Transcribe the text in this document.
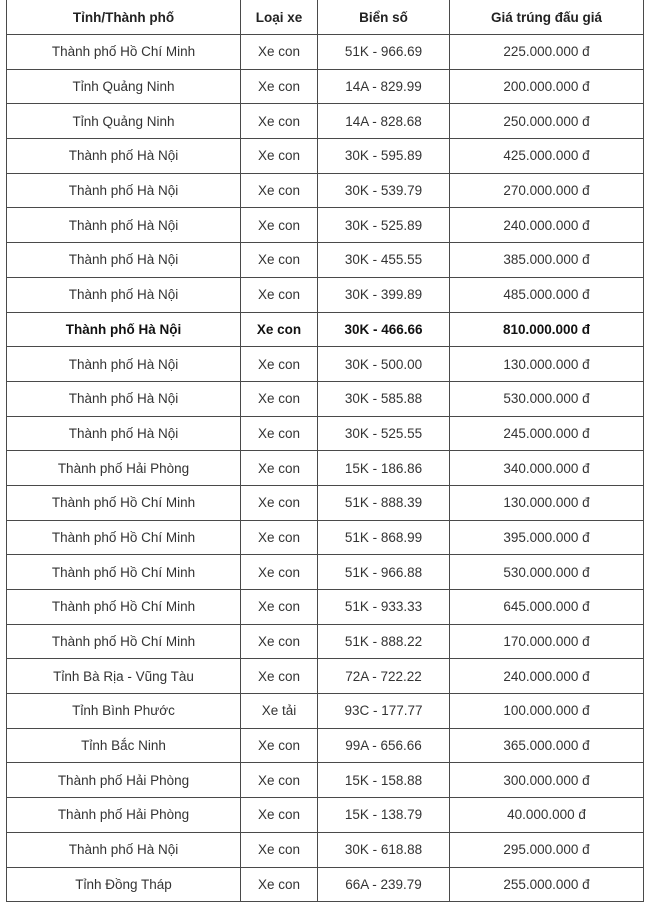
Tỉnh/Thành phố	Loại xe	Biển số	Giá trúng đấu giá
Thành phố Hồ Chí Minh	Xe con	51K - 966.69	225.000.000 đ
Tỉnh Quảng Ninh	Xe con	14A - 829.99	200.000.000 đ
Tỉnh Quảng Ninh	Xe con	14A - 828.68	250.000.000 đ
Thành phố Hà Nội	Xe con	30K - 595.89	425.000.000 đ
Thành phố Hà Nội	Xe con	30K - 539.79	270.000.000 đ
Thành phố Hà Nội	Xe con	30K - 525.89	240.000.000 đ
Thành phố Hà Nội	Xe con	30K - 455.55	385.000.000 đ
Thành phố Hà Nội	Xe con	30K - 399.89	485.000.000 đ
Thành phố Hà Nội	Xe con	30K - 466.66	810.000.000 đ
Thành phố Hà Nội	Xe con	30K - 500.00	130.000.000 đ
Thành phố Hà Nội	Xe con	30K - 585.88	530.000.000 đ
Thành phố Hà Nội	Xe con	30K - 525.55	245.000.000 đ
Thành phố Hải Phòng	Xe con	15K - 186.86	340.000.000 đ
Thành phố Hồ Chí Minh	Xe con	51K - 888.39	130.000.000 đ
Thành phố Hồ Chí Minh	Xe con	51K - 868.99	395.000.000 đ
Thành phố Hồ Chí Minh	Xe con	51K - 966.88	530.000.000 đ
Thành phố Hồ Chí Minh	Xe con	51K - 933.33	645.000.000 đ
Thành phố Hồ Chí Minh	Xe con	51K - 888.22	170.000.000 đ
Tỉnh Bà Rịa - Vũng Tàu	Xe con	72A - 722.22	240.000.000 đ
Tỉnh Bình Phước	Xe tải	93C - 177.77	100.000.000 đ
Tỉnh Bắc Ninh	Xe con	99A - 656.66	365.000.000 đ
Thành phố Hải Phòng	Xe con	15K - 158.88	300.000.000 đ
Thành phố Hải Phòng	Xe con	15K - 138.79	40.000.000 đ
Thành phố Hà Nội	Xe con	30K - 618.88	295.000.000 đ
Tỉnh Đồng Tháp	Xe con	66A - 239.79	255.000.000 đ
